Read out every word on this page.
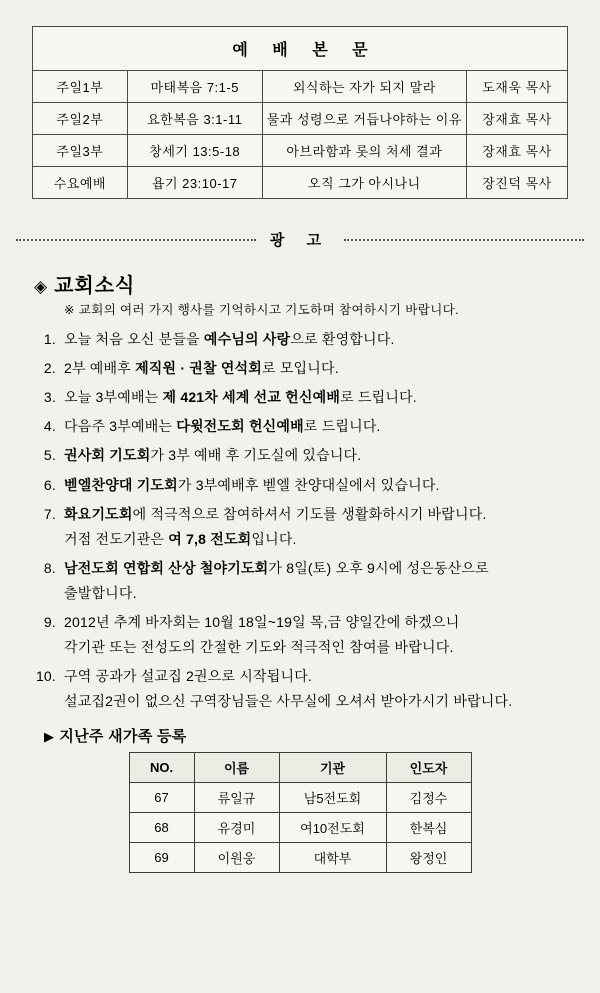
예 배 본 문			
주일1부	마태복음 7:1-5	외식하는 자가 되지 말라	도재욱 목사
주일2부	요한복음 3:1-11	물과 성령으로 거듭나야하는 이유	장재효 목사
주일3부	창세기 13:5-18	아브라함과 롯의 처세 결과	장재효 목사
수요예배	욥기 23:10-17	오직 그가 아시나니	장진덕 목사
광 고
◈ 교회소식
※ 교회의 여러 가지 행사를 기억하시고 기도하며 참여하시기 바랍니다.
1. 오늘 처음 오신 분들을 예수님의 사랑으로 환영합니다.
2. 2부 예배후 제직원 · 권찰 연석회로 모입니다.
3. 오늘 3부예배는 제 421차 세계 선교 헌신예배로 드립니다.
4. 다음주 3부예배는 다윗전도회 헌신예배로 드립니다.
5. 권사회 기도회가 3부 예배 후 기도실에 있습니다.
6. 벧엘찬양대 기도회가 3부예배후 벧엘 찬양대실에서 있습니다.
7. 화요기도회에 적극적으로 참여하셔서 기도를 생활화하시기 바랍니다.
거점 전도기관은 여 7,8 전도회입니다.
8. 남전도회 연합회 산상 철야기도회가 8일(토) 오후 9시에 성은동산으로
출발합니다.
9. 2012년 추계 바자회는 10월 18일~19일 목,금 양일간에 하겠으니
각기관 또는 전성도의 간절한 기도와 적극적인 참여를 바랍니다.
10. 구역 공과가 설교집 2권으로 시작됩니다.
설교집2권이 없으신 구역장님들은 사무실에 오셔서 받아가시기 바랍니다.
▶ 지난주 새가족 등록
NO.	이름	기관	인도자
67	류일규	남5전도회	김정수
68	유경미	여10전도회	한복심
69	이원웅	대학부	왕정인
